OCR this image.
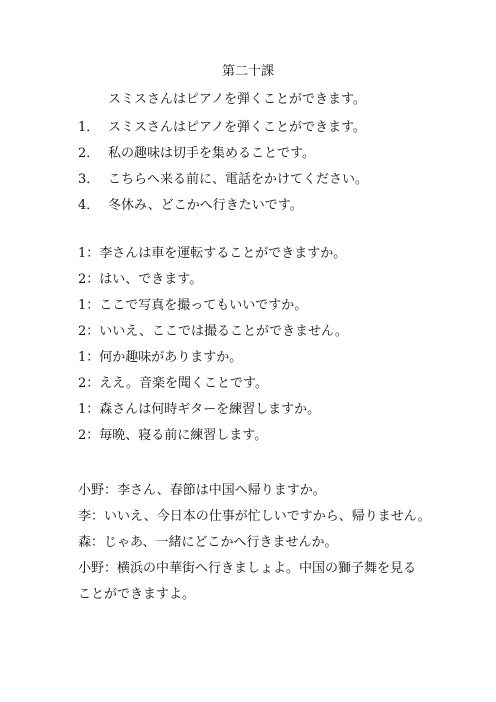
第二十課
スミスさんはピアノを弾くことができます。
1． スミスさんはピアノを弾くことができます。
2． 私の趣味は切手を集めることです。
3． こちらへ来る前に、電話をかけてください。
4． 冬休み、どこかへ行きたいです。
1：李さんは車を運転することができますか。
2：はい、できます。
1：ここで写真を撮ってもいいですか。
2：いいえ、ここでは撮ることができません。
1：何か趣味がありますか。
2：ええ。音楽を聞くことです。
1：森さんは何時ギターを練習しますか。
2：毎晩、寝る前に練習します。
小野：李さん、春節は中国へ帰りますか。
李：いいえ、今日本の仕事が忙しいですから、帰りません。
森：じゃあ、一緒にどこかへ行きませんか。
小野：横浜の中華街へ行きましょよ。中国の獅子舞を見る
ことができますよ。
